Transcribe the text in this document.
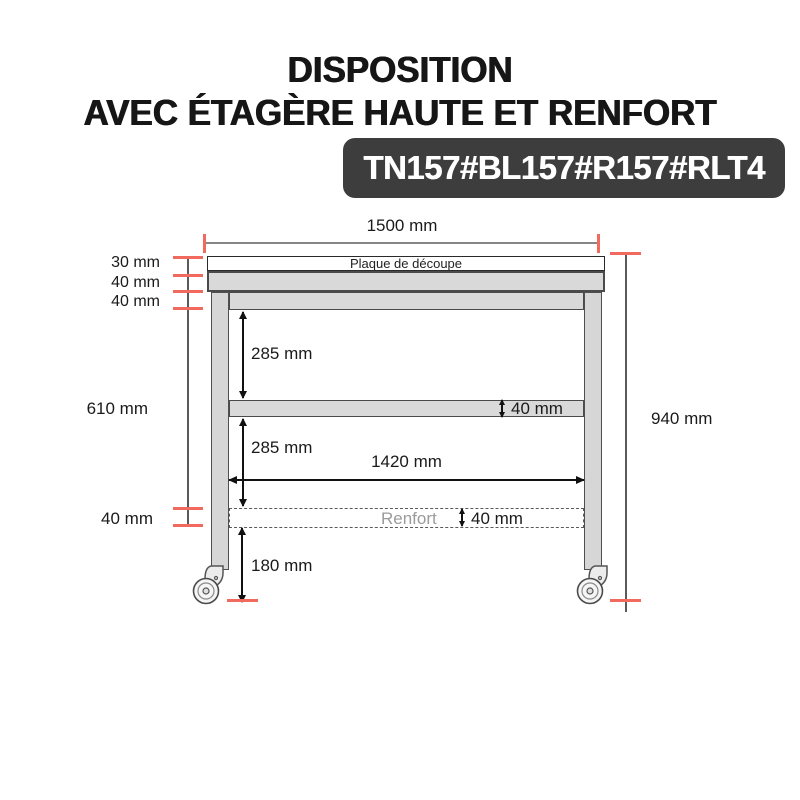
DISPOSITION
AVEC ÉTAGÈRE HAUTE ET RENFORT
TN157#BL157#R157#RLT4
1500 mm
Plaque de découpe
Renfort 40 mm
285 mm
285 mm
40 mm
1420 mm
180 mm
30 mm
40 mm
40 mm
610 mm
40 mm
940 mm
